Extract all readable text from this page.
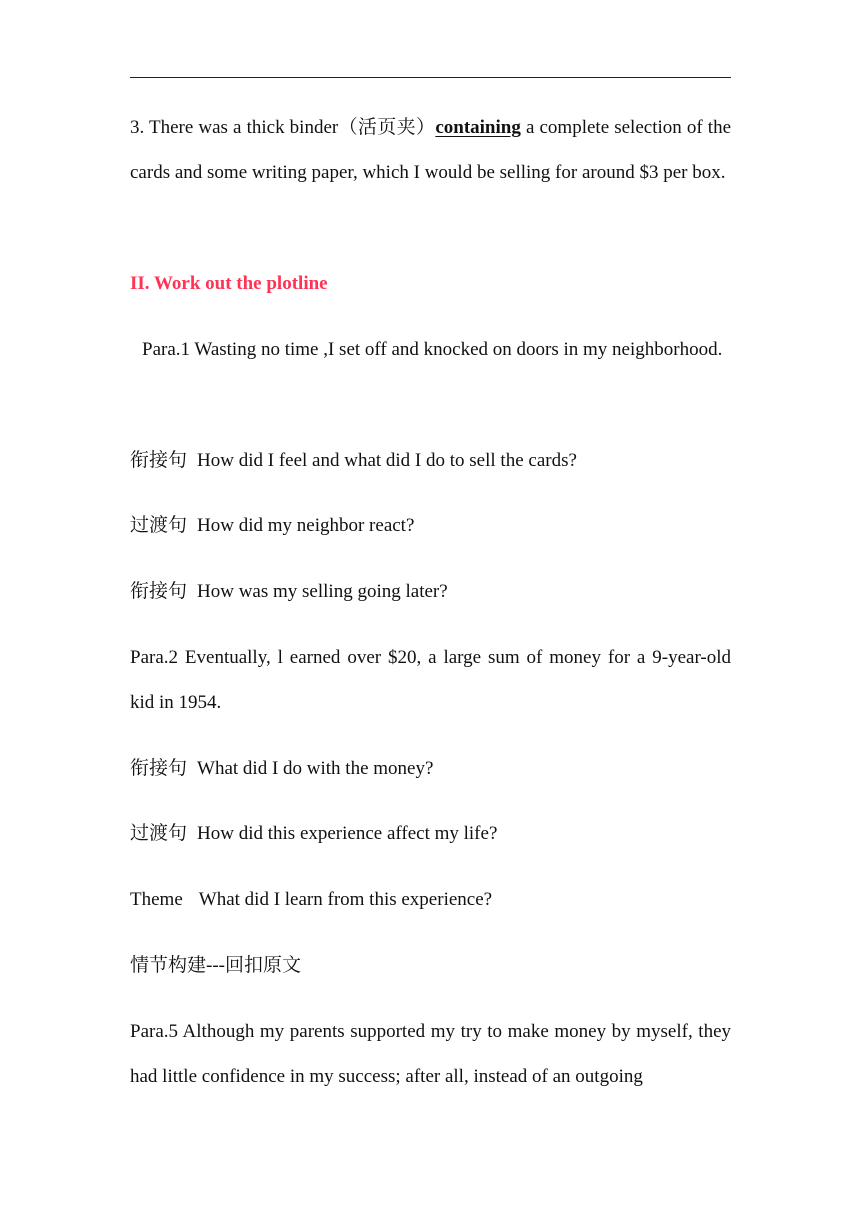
3. There was a thick binder（活页夹）containing a complete selection of the cards and some writing paper, which I would be selling for around $3 per box.

II. Work out the plotline

Para.1 Wasting no time ,I set off and knocked on doors in my neighborhood.

衔接句 How did I feel and what did I do to sell the cards?

过渡句 How did my neighbor react?

衔接句 How was my selling going later?

Para.2 Eventually, l earned over $20, a large sum of money for a 9-year-old kid in 1954.

衔接句 What did I do with the money?

过渡句 How did this experience affect my life?

Theme What did I learn from this experience?

情节构建---回扣原文

Para.5 Although my parents supported my try to make money by myself, they had little confidence in my success; after all, instead of an outgoing
